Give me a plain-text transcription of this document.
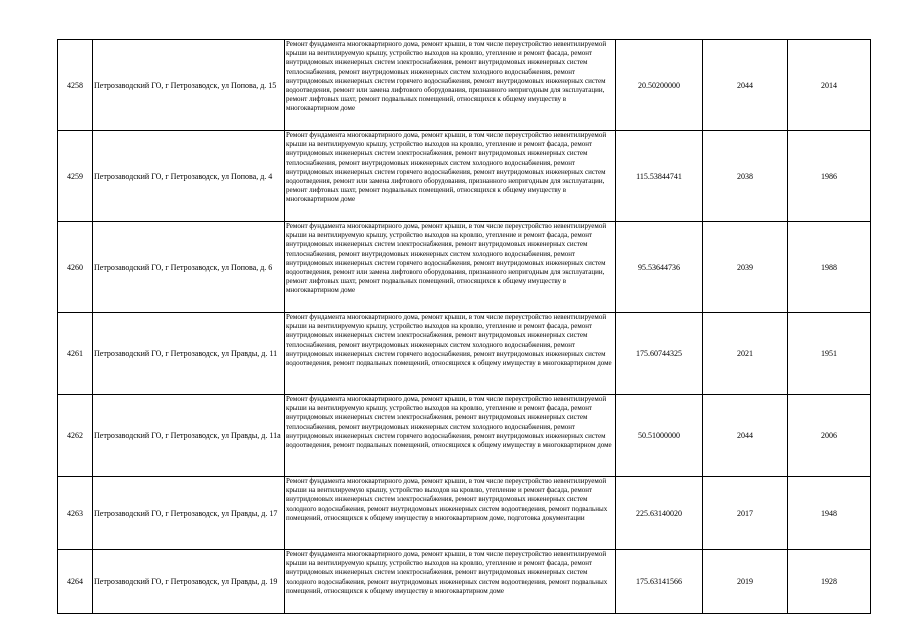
4258	Петрозаводский ГО, г Петрозаводск, ул Попова, д. 15	Ремонт фундамента многоквартирного дома, ремонт крыши, в том числе переустройство невентилируемой крыши на вентилируемую крышу, устройство выходов на кровлю, утепление и ремонт фасада, ремонт внутридомовых инженерных систем электроснабжения, ремонт внутридомовых инженерных систем теплоснабжения, ремонт внутридомовых инженерных систем холодного водоснабжения, ремонт внутридомовых инженерных систем горячего водоснабжения, ремонт внутридомовых инженерных систем водоотведения, ремонт или замена лифтового оборудования, признанного непригодным для эксплуатации, ремонт лифтовых шахт, ремонт подвальных помещений, относящихся к общему имуществу в многоквартирном доме	20.50200000	2044	2014
4259	Петрозаводский ГО, г Петрозаводск, ул Попова, д. 4	Ремонт фундамента многоквартирного дома, ремонт крыши, в том числе переустройство невентилируемой крыши на вентилируемую крышу, устройство выходов на кровлю, утепление и ремонт фасада, ремонт внутридомовых инженерных систем электроснабжения, ремонт внутридомовых инженерных систем теплоснабжения, ремонт внутридомовых инженерных систем холодного водоснабжения, ремонт внутридомовых инженерных систем горячего водоснабжения, ремонт внутридомовых инженерных систем водоотведения, ремонт или замена лифтового оборудования, признанного непригодным для эксплуатации, ремонт лифтовых шахт, ремонт подвальных помещений, относящихся к общему имуществу в многоквартирном доме	115.53844741	2038	1986
4260	Петрозаводский ГО, г Петрозаводск, ул Попова, д. 6	Ремонт фундамента многоквартирного дома, ремонт крыши, в том числе переустройство невентилируемой крыши на вентилируемую крышу, устройство выходов на кровлю, утепление и ремонт фасада, ремонт внутридомовых инженерных систем электроснабжения, ремонт внутридомовых инженерных систем теплоснабжения, ремонт внутридомовых инженерных систем холодного водоснабжения, ремонт внутридомовых инженерных систем горячего водоснабжения, ремонт внутридомовых инженерных систем водоотведения, ремонт или замена лифтового оборудования, признанного непригодным для эксплуатации, ремонт лифтовых шахт, ремонт подвальных помещений, относящихся к общему имуществу в многоквартирном доме	95.53644736	2039	1988
4261	Петрозаводский ГО, г Петрозаводск, ул Правды, д. 11	Ремонт фундамента многоквартирного дома, ремонт крыши, в том числе переустройство невентилируемой крыши на вентилируемую крышу, устройство выходов на кровлю, утепление и ремонт фасада, ремонт внутридомовых инженерных систем электроснабжения, ремонт внутридомовых инженерных систем теплоснабжения, ремонт внутридомовых инженерных систем холодного водоснабжения, ремонт внутридомовых инженерных систем горячего водоснабжения, ремонт внутридомовых инженерных систем водоотведения, ремонт подвальных помещений, относящихся к общему имуществу в многоквартирном доме	175.60744325	2021	1951
4262	Петрозаводский ГО, г Петрозаводск, ул Правды, д. 11а	Ремонт фундамента многоквартирного дома, ремонт крыши, в том числе переустройство невентилируемой крыши на вентилируемую крышу, устройство выходов на кровлю, утепление и ремонт фасада, ремонт внутридомовых инженерных систем электроснабжения, ремонт внутридомовых инженерных систем теплоснабжения, ремонт внутридомовых инженерных систем холодного водоснабжения, ремонт внутридомовых инженерных систем горячего водоснабжения, ремонт внутридомовых инженерных систем водоотведения, ремонт подвальных помещений, относящихся к общему имуществу в многоквартирном доме	50.51000000	2044	2006
4263	Петрозаводский ГО, г Петрозаводск, ул Правды, д. 17	Ремонт фундамента многоквартирного дома, ремонт крыши, в том числе переустройство невентилируемой крыши на вентилируемую крышу, устройство выходов на кровлю, утепление и ремонт фасада, ремонт внутридомовых инженерных систем электроснабжения, ремонт внутридомовых инженерных систем холодного водоснабжения, ремонт внутридомовых инженерных систем водоотведения, ремонт подвальных помещений, относящихся к общему имуществу в многоквартирном доме, подготовка документации	225.63140020	2017	1948
4264	Петрозаводский ГО, г Петрозаводск, ул Правды, д. 19	Ремонт фундамента многоквартирного дома, ремонт крыши, в том числе переустройство невентилируемой крыши на вентилируемую крышу, устройство выходов на кровлю, утепление и ремонт фасада, ремонт внутридомовых инженерных систем электроснабжения, ремонт внутридомовых инженерных систем холодного водоснабжения, ремонт внутридомовых инженерных систем водоотведения, ремонт подвальных помещений, относящихся к общему имуществу в многоквартирном доме	175.63141566	2019	1928
